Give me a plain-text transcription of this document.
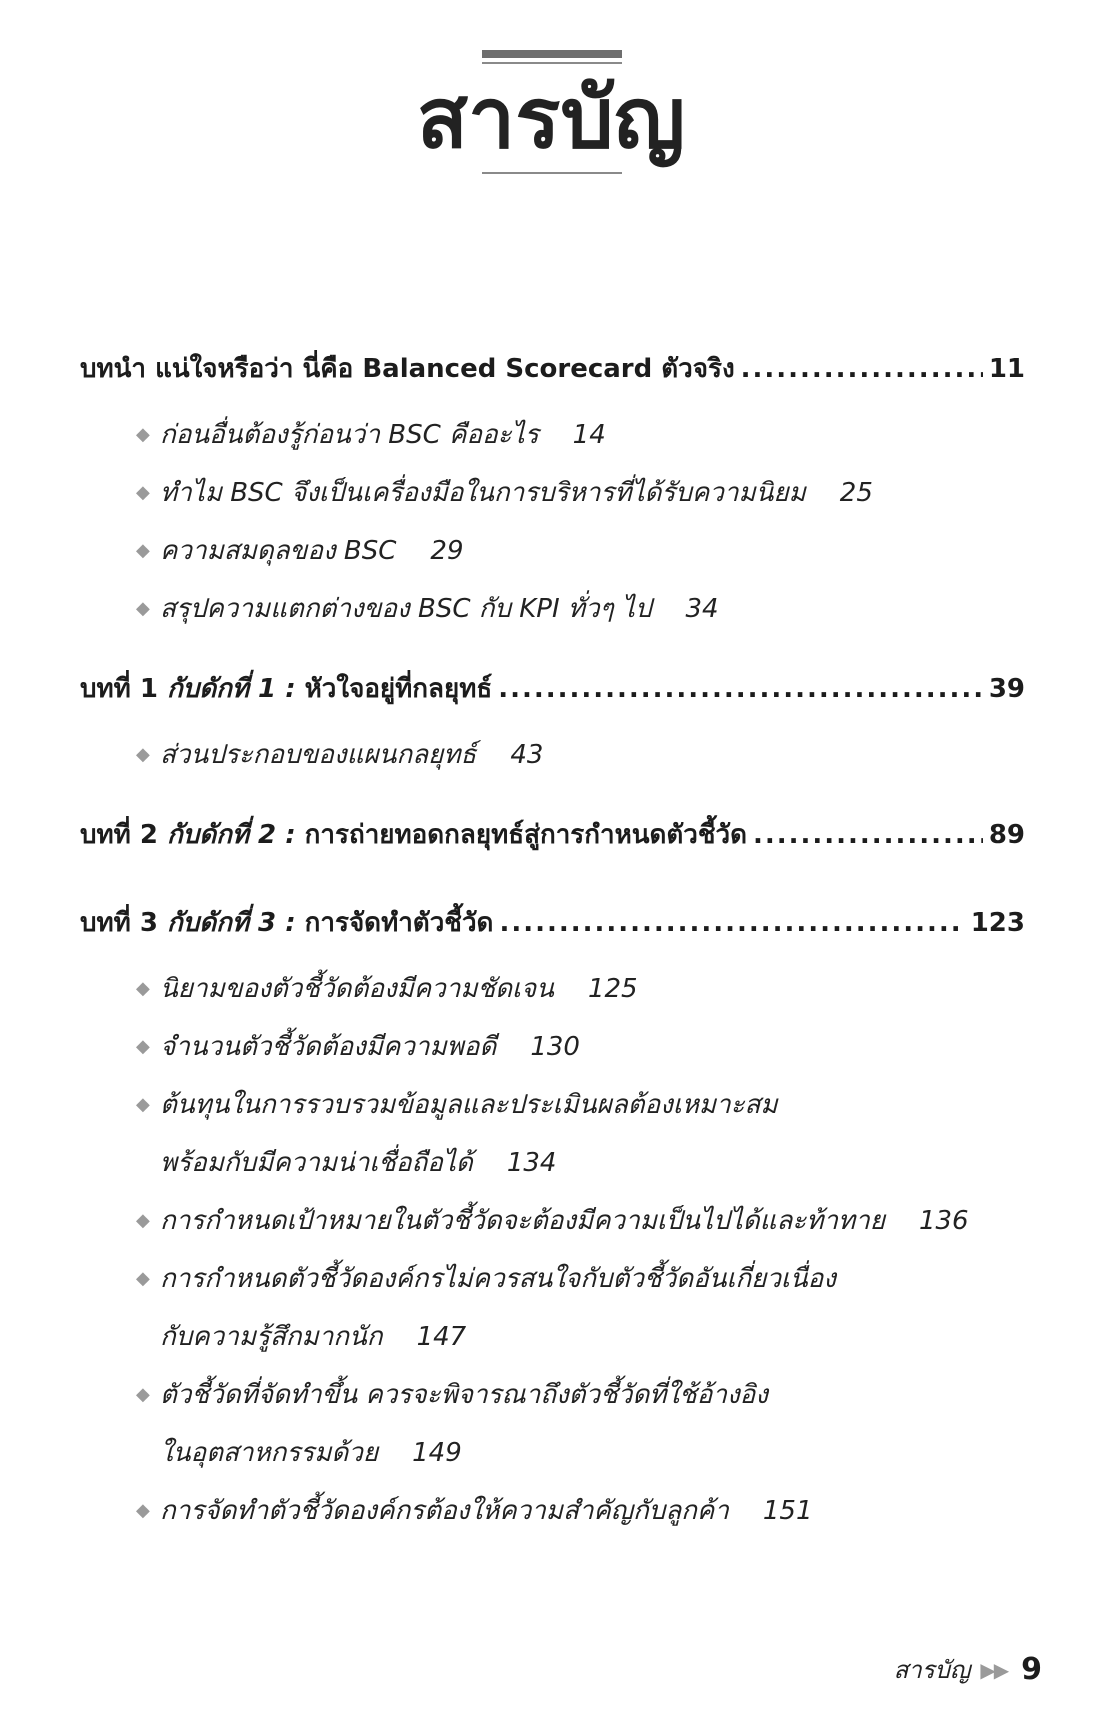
สารบัญ
บทนำ แน่ใจหรือว่า นี่คือ Balanced Scorecard ตัวจริง .....	11
◆ ก่อนอื่นต้องรู้ก่อนว่า BSC คืออะไร 14
◆ ทำไม BSC จึงเป็นเครื่องมือในการบริหารที่ได้รับความนิยม 25
◆ ความสมดุลของ BSC 29
◆ สรุปความแตกต่างของ BSC กับ KPI ทั่วๆ ไป 34
บทที่ 1 กับดักที่ 1 : หัวใจอยู่ที่กลยุทธ์ .....	39
◆ ส่วนประกอบของแผนกลยุทธ์ 43
บทที่ 2 กับดักที่ 2 : การถ่ายทอดกลยุทธ์สู่การกำหนดตัวชี้วัด .....	89
บทที่ 3 กับดักที่ 3 : การจัดทำตัวชี้วัด .....	123
◆ นิยามของตัวชี้วัดต้องมีความชัดเจน 125
◆ จำนวนตัวชี้วัดต้องมีความพอดี 130
◆ ต้นทุนในการรวบรวมข้อมูลและประเมินผลต้องเหมาะสม
พร้อมกับมีความน่าเชื่อถือได้ 134
◆ การกำหนดเป้าหมายในตัวชี้วัดจะต้องมีความเป็นไปได้และท้าทาย 136
◆ การกำหนดตัวชี้วัดองค์กรไม่ควรสนใจกับตัวชี้วัดอันเกี่ยวเนื่อง
กับความรู้สึกมากนัก 147
◆ ตัวชี้วัดที่จัดทำขึ้น ควรจะพิจารณาถึงตัวชี้วัดที่ใช้อ้างอิง
ในอุตสาหกรรมด้วย 149
◆ การจัดทำตัวชี้วัดองค์กรต้องให้ความสำคัญกับลูกค้า 151
สารบัญ ▶▶ 9
